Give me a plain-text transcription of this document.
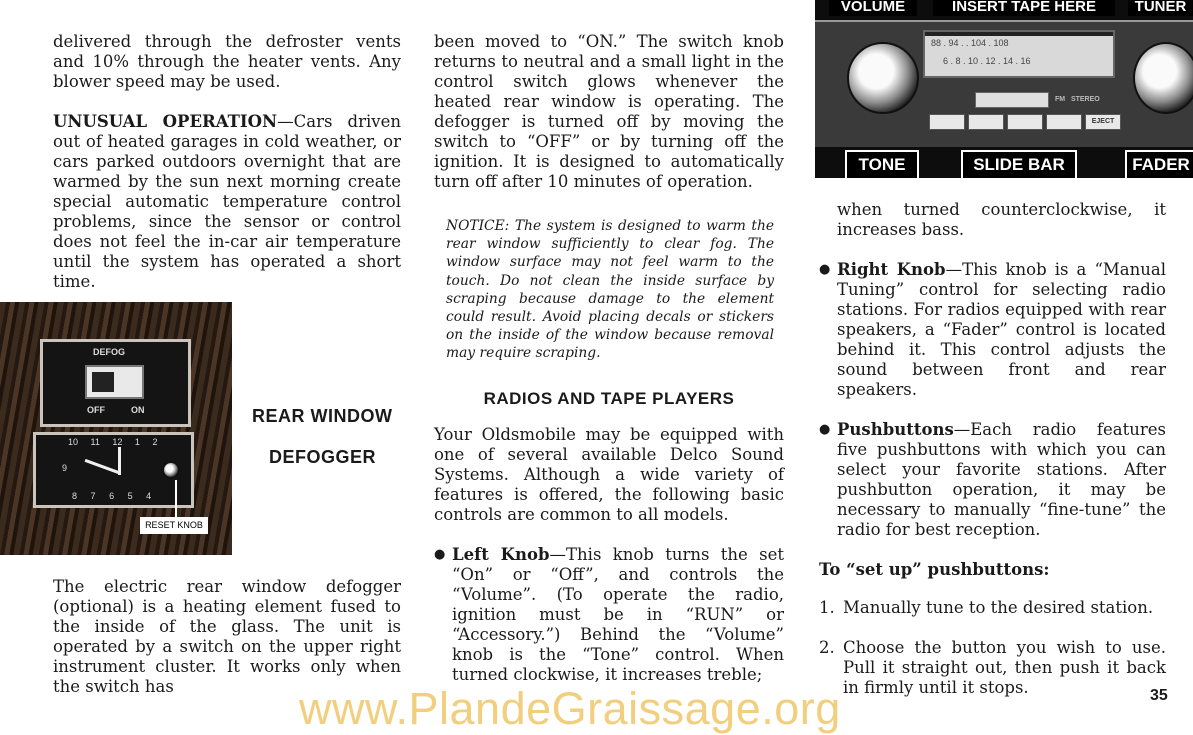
delivered through the defroster vents and 10% through the heater vents. Any blower speed may be used.

UNUSUAL OPERATION—Cars driven out of heated garages in cold weather, or cars parked outdoors overnight that are warmed by the sun next morning create special automatic temperature control problems, since the sensor or control does not feel the in-car air temperature until the system has operated a short time.

DEFOG
OFF	ON
10 11 12 1 2
9
8 7 6 5 4
RESET KNOB
REAR WINDOW
DEFOGGER
The electric rear window defogger (optional) is a heating element fused to the inside of the glass. The unit is operated by a switch on the upper right instrument cluster. It works only when the switch has

been moved to “ON.” The switch knob returns to neutral and a small light in the control switch glows whenever the heated rear window is operating. The defogger is turned off by moving the switch to “OFF” or by turning off the ignition. It is designed to automatically turn off after 10 minutes of operation.

NOTICE: The system is designed to warm the rear window sufficiently to clear fog. The window surface may not feel warm to the touch. Do not clean the inside surface by scraping because damage to the element could result. Avoid placing decals or stickers on the inside of the window because removal may require scraping.

RADIOS AND TAPE PLAYERS

Your Oldsmobile may be equipped with one of several available Delco Sound Systems. Although a wide variety of features is offered, the following basic controls are common to all models.

● Left Knob—This knob turns the set “On” or “Off”, and controls the “Volume”. (To operate the radio, ignition must be in “RUN” or “Accessory.”) Behind the “Volume” knob is the “Tone” control. When turned clockwise, it increases treble;

VOLUME	INSERT TAPE HERE	TUNER
88 . 94 . . 104 . 108
6 . 8 . 10 . 12 . 14 . 16
FM   STEREO
EJECT
TONE	SLIDE BAR	FADER

when turned counterclockwise, it increases bass.

● Right Knob—This knob is a “Manual Tuning” control for selecting radio stations. For radios equipped with rear speakers, a “Fader” control is located behind it. This control adjusts the sound between front and rear speakers.

● Pushbuttons—Each radio features five pushbuttons with which you can select your favorite stations. After pushbutton operation, it may be necessary to manually “fine-tune” the radio for best reception.

To “set up” pushbuttons:

1. Manually tune to the desired station.

2. Choose the button you wish to use. Pull it straight out, then push it back in firmly until it stops.	35
www.PlandeGraissage.org
